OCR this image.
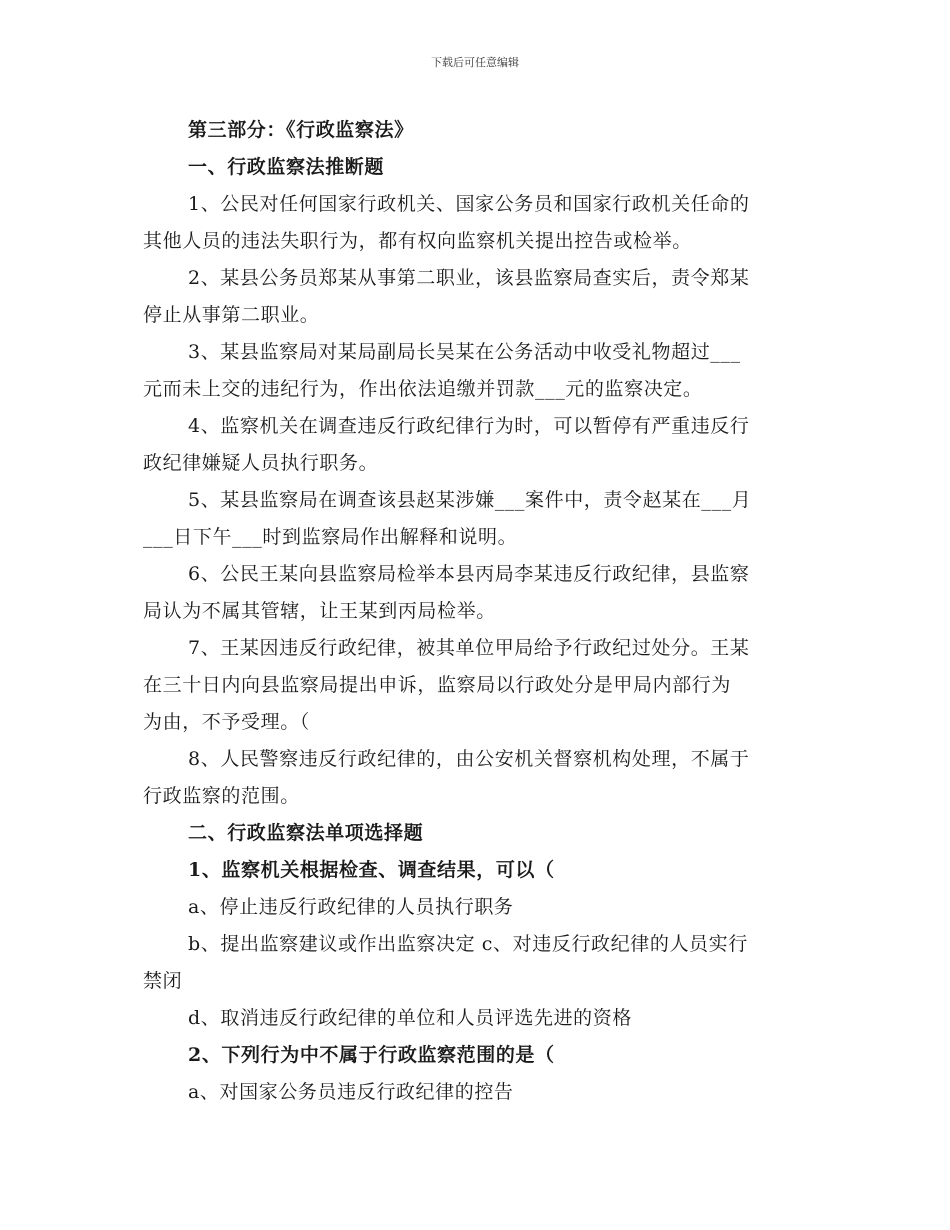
下载后可任意编辑
第三部分：《行政监察法》
一、行政监察法推断题
1、公民对任何国家行政机关、国家公务员和国家行政机关任命的
其他人员的违法失职行为，都有权向监察机关提出控告或检举。
2、某县公务员郑某从事第二职业，该县监察局查实后，责令郑某
停止从事第二职业。
3、某县监察局对某局副局长吴某在公务活动中收受礼物超过___
元而未上交的违纪行为，作出依法追缴并罚款___元的监察决定。
4、监察机关在调查违反行政纪律行为时，可以暂停有严重违反行
政纪律嫌疑人员执行职务。
5、某县监察局在调查该县赵某涉嫌___案件中，责令赵某在___月
___日下午___时到监察局作出解释和说明。
6、公民王某向县监察局检举本县丙局李某违反行政纪律，县监察
局认为不属其管辖，让王某到丙局检举。
7、王某因违反行政纪律，被其单位甲局给予行政纪过处分。王某
在三十日内向县监察局提出申诉，监察局以行政处分是甲局内部行为
为由，不予受理。（
8、人民警察违反行政纪律的，由公安机关督察机构处理，不属于
行政监察的范围。
二、行政监察法单项选择题
1、监察机关根据检查、调查结果，可以（
a、停止违反行政纪律的人员执行职务
b、提出监察建议或作出监察决定 c、对违反行政纪律的人员实行
禁闭
d、取消违反行政纪律的单位和人员评选先进的资格
2、下列行为中不属于行政监察范围的是（
a、对国家公务员违反行政纪律的控告
